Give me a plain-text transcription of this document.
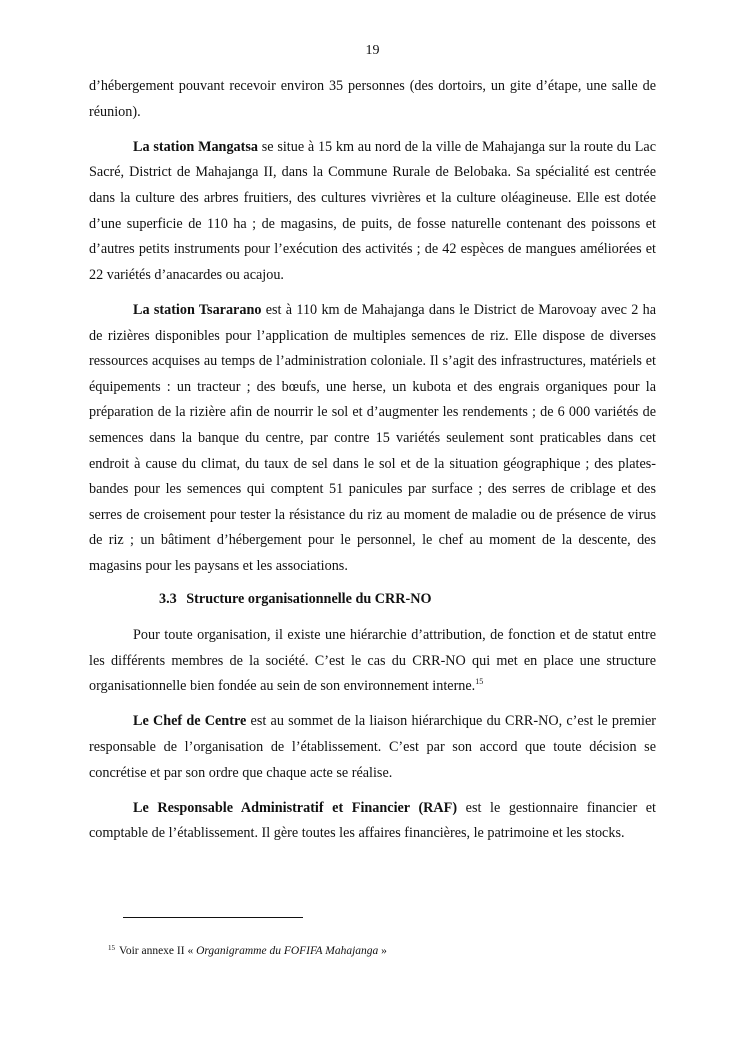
19

d’hébergement pouvant recevoir environ 35 personnes (des dortoirs, un gite d’étape, une salle de réunion).

La station Mangatsa se situe à 15 km au nord de la ville de Mahajanga sur la route du Lac Sacré, District de Mahajanga II, dans la Commune Rurale de Belobaka. Sa spécialité est centrée dans la culture des arbres fruitiers, des cultures vivrières et la culture oléagineuse. Elle est dotée d’une superficie de 110 ha ; de magasins, de puits, de fosse naturelle contenant des poissons et d’autres petits instruments pour l’exécution des activités ; de 42 espèces de mangues améliorées et 22 variétés d’anacardes ou acajou.

La station Tsararano est à 110 km de Mahajanga dans le District de Marovoay avec 2 ha de rizières disponibles pour l’application de multiples semences de riz. Elle dispose de diverses ressources acquises au temps de l’administration coloniale. Il s’agit des infrastructures, matériels et équipements : un tracteur ; des bœufs, une herse, un kubota et des engrais organiques pour la préparation de la rizière afin de nourrir le sol et d’augmenter les rendements ; de 6 000 variétés de semences dans la banque du centre, par contre 15 variétés seulement sont praticables dans cet endroit à cause du climat, du taux de sel dans le sol et de la situation géographique ; des plates-bandes pour les semences qui comptent 51 panicules par surface ; des serres de criblage et des serres de croisement pour tester la résistance du riz au moment de maladie ou de présence de virus de riz ; un bâtiment d’hébergement pour le personnel, le chef au moment de la descente, des magasins pour les paysans et les associations.

3.3 Structure organisationnelle du CRR-NO

Pour toute organisation, il existe une hiérarchie d’attribution, de fonction et de statut entre les différents membres de la société. C’est le cas du CRR-NO qui met en place une structure organisationnelle bien fondée au sein de son environnement interne.$^{15}$

Le Chef de Centre est au sommet de la liaison hiérarchique du CRR-NO, c’est le premier responsable de l’organisation de l’établissement. C’est par son accord que toute décision se concrétise et par son ordre que chaque acte se réalise.

Le Responsable Administratif et Financier (RAF) est le gestionnaire financier et comptable de l’établissement. Il gère toutes les affaires financières, le patrimoine et les stocks.

$^{15}$ Voir annexe II « Organigramme du FOFIFA Mahajanga »
